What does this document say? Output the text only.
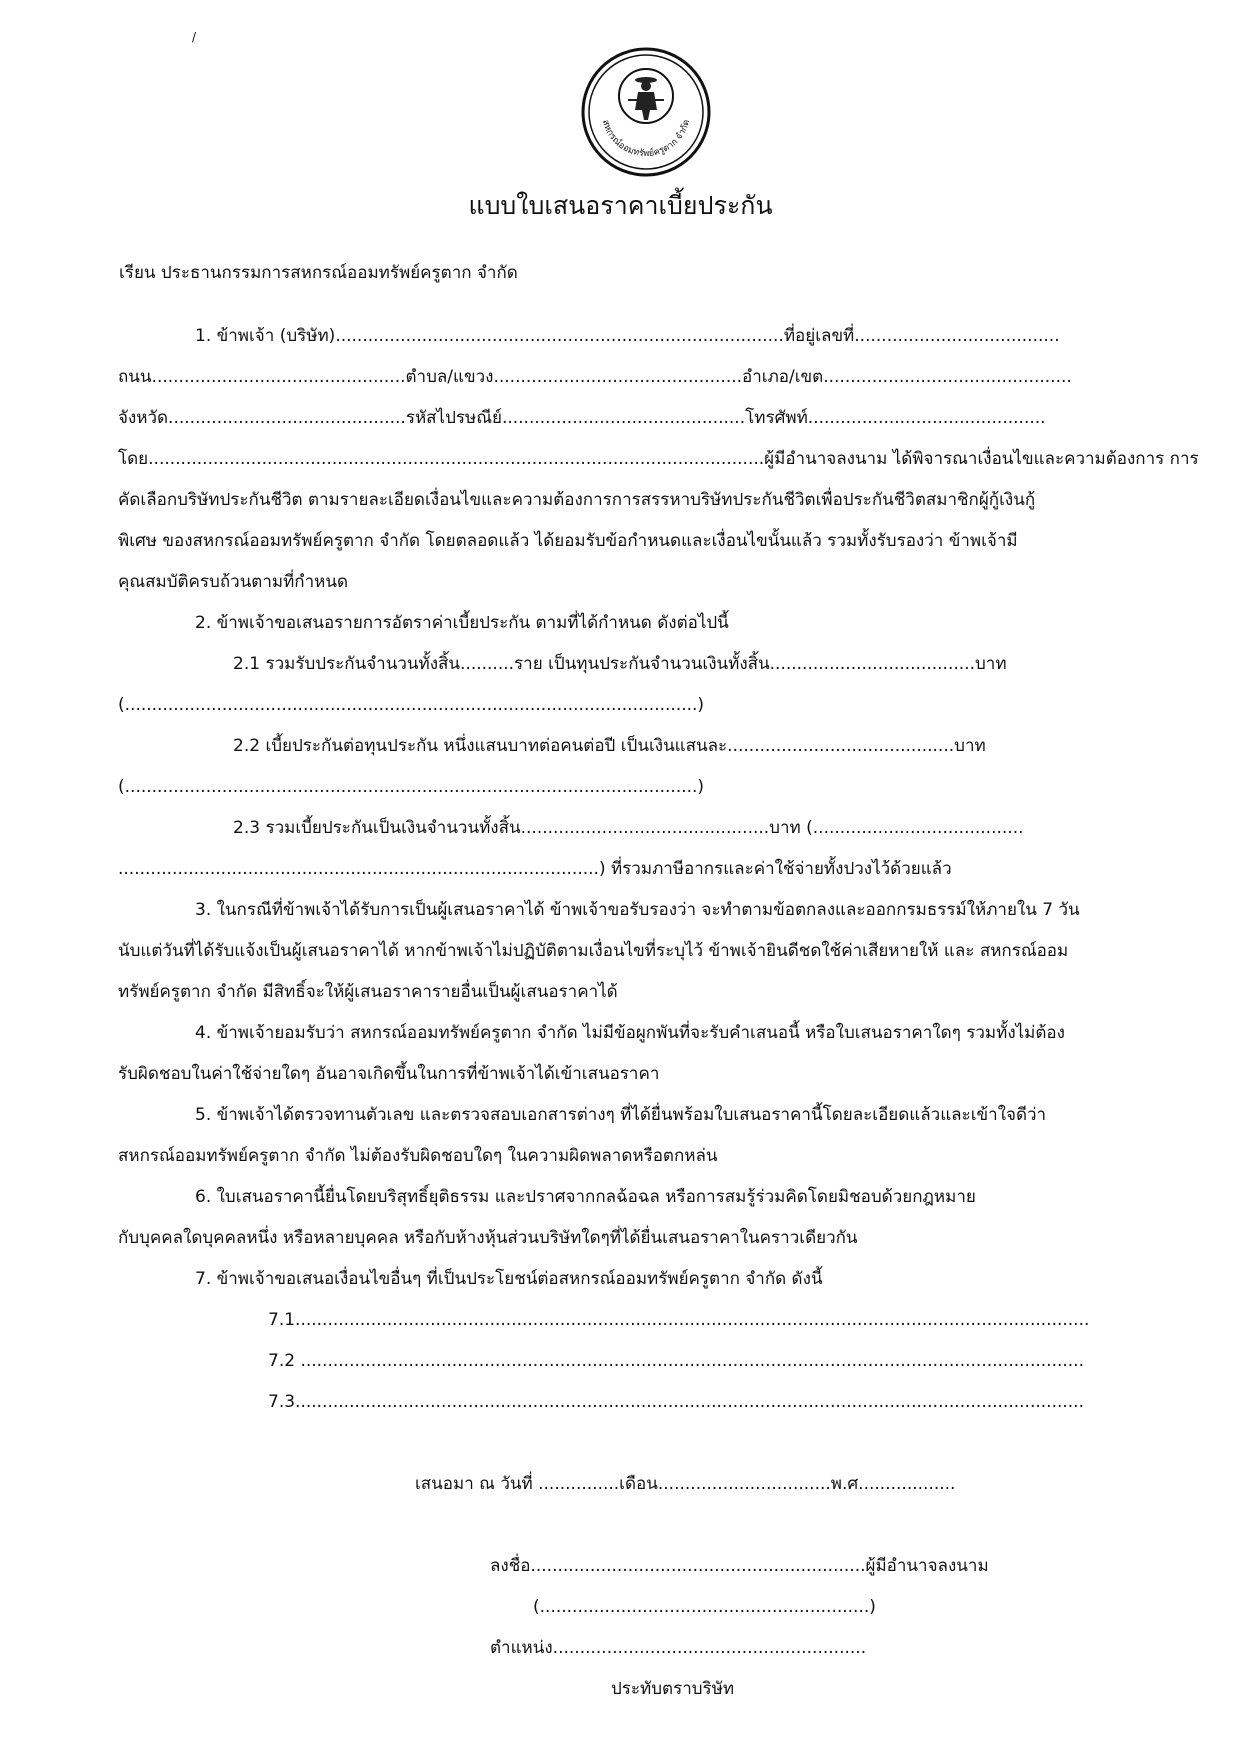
/
สหกรณ์ออมทรัพย์ครูตาก จำกัด
แบบใบเสนอราคาเบี้ยประกัน
เรียน ประธานกรรมการสหกรณ์ออมทรัพย์ครูตาก จำกัด
1. ข้าพเจ้า (บริษัท)...................................................................................ที่อยู่เลขที่......................................
ถนน...............................................ตำบล/แขวง..............................................อำเภอ/เขต..............................................
จังหวัด............................................รหัสไปรษณีย์.............................................โทรศัพท์............................................
โดย..................................................................................................................ผู้มีอำนาจลงนาม ได้พิจารณาเงื่อนไขและความต้องการ การ
คัดเลือกบริษัทประกันชีวิต ตามรายละเอียดเงื่อนไขและความต้องการการสรรหาบริษัทประกันชีวิตเพื่อประกันชีวิตสมาชิกผู้กู้เงินกู้
พิเศษ ของสหกรณ์ออมทรัพย์ครูตาก จำกัด โดยตลอดแล้ว ได้ยอมรับข้อกำหนดและเงื่อนไขนั้นแล้ว รวมทั้งรับรองว่า ข้าพเจ้ามี
คุณสมบัติครบถ้วนตามที่กำหนด
2. ข้าพเจ้าขอเสนอรายการอัตราค่าเบี้ยประกัน ตามที่ได้กำหนด ดังต่อไปนี้
2.1 รวมรับประกันจำนวนทั้งสิ้น..........ราย เป็นทุนประกันจำนวนเงินทั้งสิ้น......................................บาท
(..........................................................................................................)
2.2 เบี้ยประกันต่อทุนประกัน หนึ่งแสนบาทต่อคนต่อปี เป็นเงินแสนละ..........................................บาท
(..........................................................................................................)
2.3 รวมเบี้ยประกันเป็นเงินจำนวนทั้งสิ้น..............................................บาท (.......................................
.........................................................................................) ที่รวมภาษีอากรและค่าใช้จ่ายทั้งปวงไว้ด้วยแล้ว
3. ในกรณีที่ข้าพเจ้าได้รับการเป็นผู้เสนอราคาได้ ข้าพเจ้าขอรับรองว่า จะทำตามข้อตกลงและออกกรมธรรม์ให้ภายใน 7 วัน
นับแต่วันที่ได้รับแจ้งเป็นผู้เสนอราคาได้ หากข้าพเจ้าไม่ปฏิบัติตามเงื่อนไขที่ระบุไว้ ข้าพเจ้ายินดีชดใช้ค่าเสียหายให้ และ สหกรณ์ออม
ทรัพย์ครูตาก จำกัด มีสิทธิ์จะให้ผู้เสนอราคารายอื่นเป็นผู้เสนอราคาได้
4. ข้าพเจ้ายอมรับว่า สหกรณ์ออมทรัพย์ครูตาก จำกัด ไม่มีข้อผูกพันที่จะรับคำเสนอนี้ หรือใบเสนอราคาใดๆ รวมทั้งไม่ต้อง
รับผิดชอบในค่าใช้จ่ายใดๆ อันอาจเกิดขึ้นในการที่ข้าพเจ้าได้เข้าเสนอราคา
5. ข้าพเจ้าได้ตรวจทานตัวเลข และตรวจสอบเอกสารต่างๆ ที่ได้ยื่นพร้อมใบเสนอราคานี้โดยละเอียดแล้วและเข้าใจดีว่า
สหกรณ์ออมทรัพย์ครูตาก จำกัด ไม่ต้องรับผิดชอบใดๆ ในความผิดพลาดหรือตกหล่น
6. ใบเสนอราคานี้ยื่นโดยบริสุทธิ์ยุติธรรม และปราศจากกลฉ้อฉล หรือการสมรู้ร่วมคิดโดยมิชอบด้วยกฎหมาย
กับบุคคลใดบุคคลหนึ่ง หรือหลายบุคคล หรือกับห้างหุ้นส่วนบริษัทใดๆที่ได้ยื่นเสนอราคาในคราวเดียวกัน
7. ข้าพเจ้าขอเสนอเงื่อนไขอื่นๆ ที่เป็นประโยชน์ต่อสหกรณ์ออมทรัพย์ครูตาก จำกัด ดังนี้
7.1...................................................................................................................................................
7.2 .................................................................................................................................................
7.3..................................................................................................................................................
เสนอมา ณ วันที่ ...............เดือน................................พ.ศ..................
ลงชื่อ..............................................................ผู้มีอำนาจลงนาม
(.............................................................)
ตำแหน่ง..........................................................
ประทับตราบริษัท
